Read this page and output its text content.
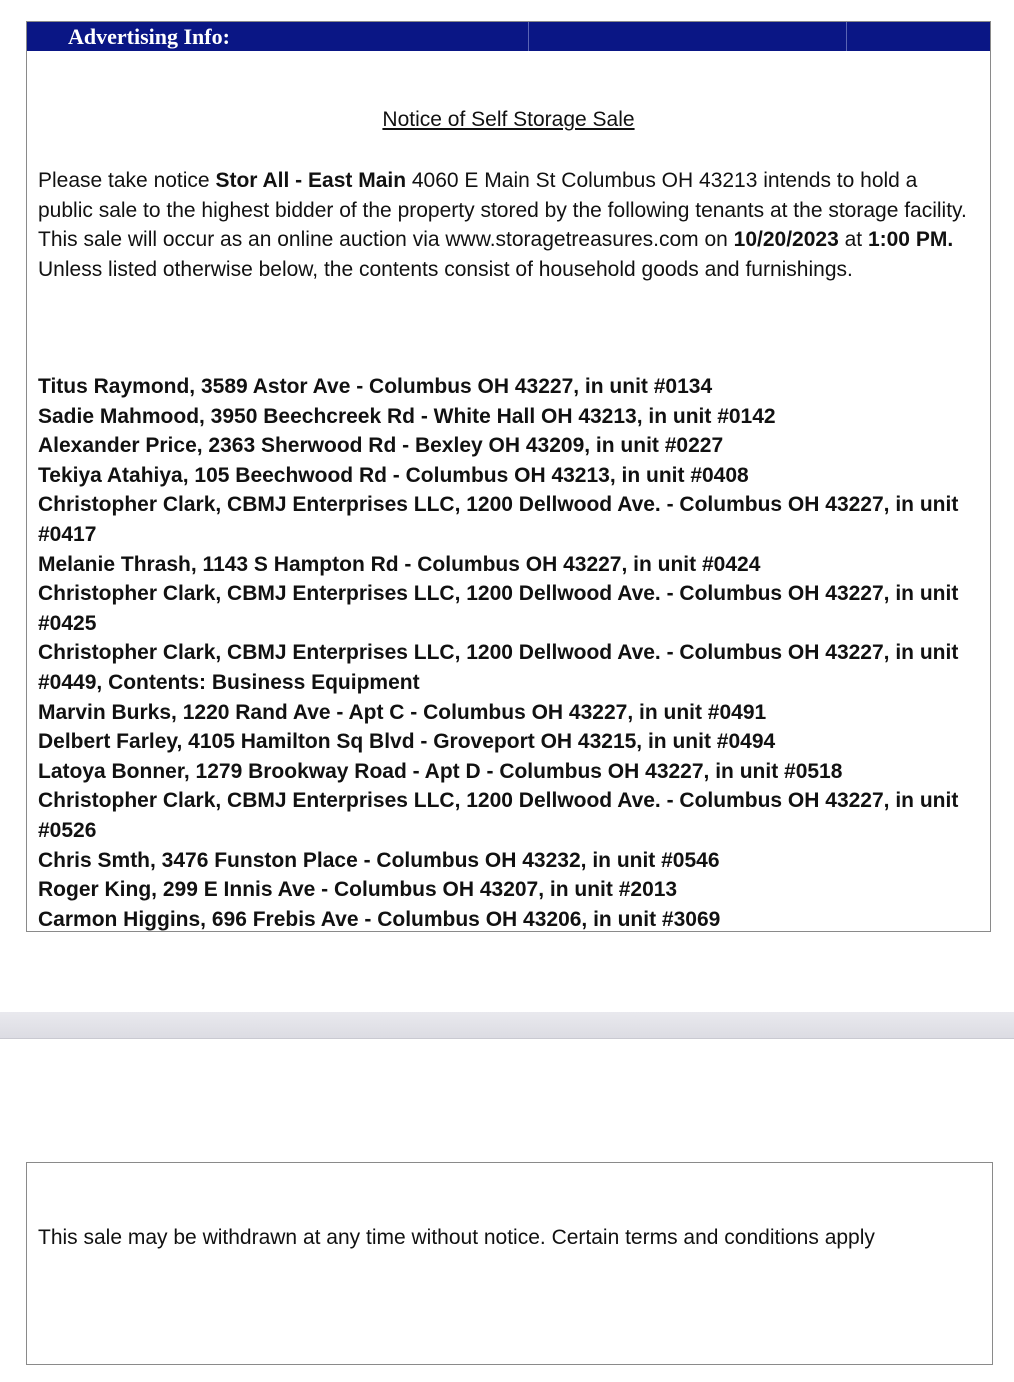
Advertising Info:
Notice of Self Storage Sale
Please take notice Stor All - East Main 4060 E Main St Columbus OH 43213 intends to hold a public sale to the highest bidder of the property stored by the following tenants at the storage facility. This sale will occur as an online auction via www.storagetreasures.com on 10/20/2023 at 1:00 PM. Unless listed otherwise below, the contents consist of household goods and furnishings.
Titus Raymond, 3589 Astor Ave - Columbus OH 43227, in unit #0134
Sadie Mahmood, 3950 Beechcreek Rd - White Hall OH 43213, in unit #0142
Alexander Price, 2363 Sherwood Rd - Bexley OH 43209, in unit #0227
Tekiya Atahiya, 105 Beechwood Rd - Columbus OH 43213, in unit #0408
Christopher Clark, CBMJ Enterprises LLC, 1200 Dellwood Ave. - Columbus OH 43227, in unit #0417
Melanie Thrash, 1143 S Hampton Rd - Columbus OH 43227, in unit #0424
Christopher Clark, CBMJ Enterprises LLC, 1200 Dellwood Ave. - Columbus OH 43227, in unit #0425
Christopher Clark, CBMJ Enterprises LLC, 1200 Dellwood Ave. - Columbus OH 43227, in unit #0449, Contents: Business Equipment
Marvin Burks, 1220 Rand Ave - Apt C - Columbus OH 43227, in unit #0491
Delbert Farley, 4105 Hamilton Sq Blvd - Groveport OH 43215, in unit #0494
Latoya Bonner, 1279 Brookway Road - Apt D - Columbus OH 43227, in unit #0518
Christopher Clark, CBMJ Enterprises LLC, 1200 Dellwood Ave. - Columbus OH 43227, in unit #0526
Chris Smth, 3476 Funston Place - Columbus OH 43232, in unit #0546
Roger King, 299 E Innis Ave - Columbus OH 43207, in unit #2013
Carmon Higgins, 696 Frebis Ave - Columbus OH 43206, in unit #3069
This sale may be withdrawn at any time without notice. Certain terms and conditions apply
